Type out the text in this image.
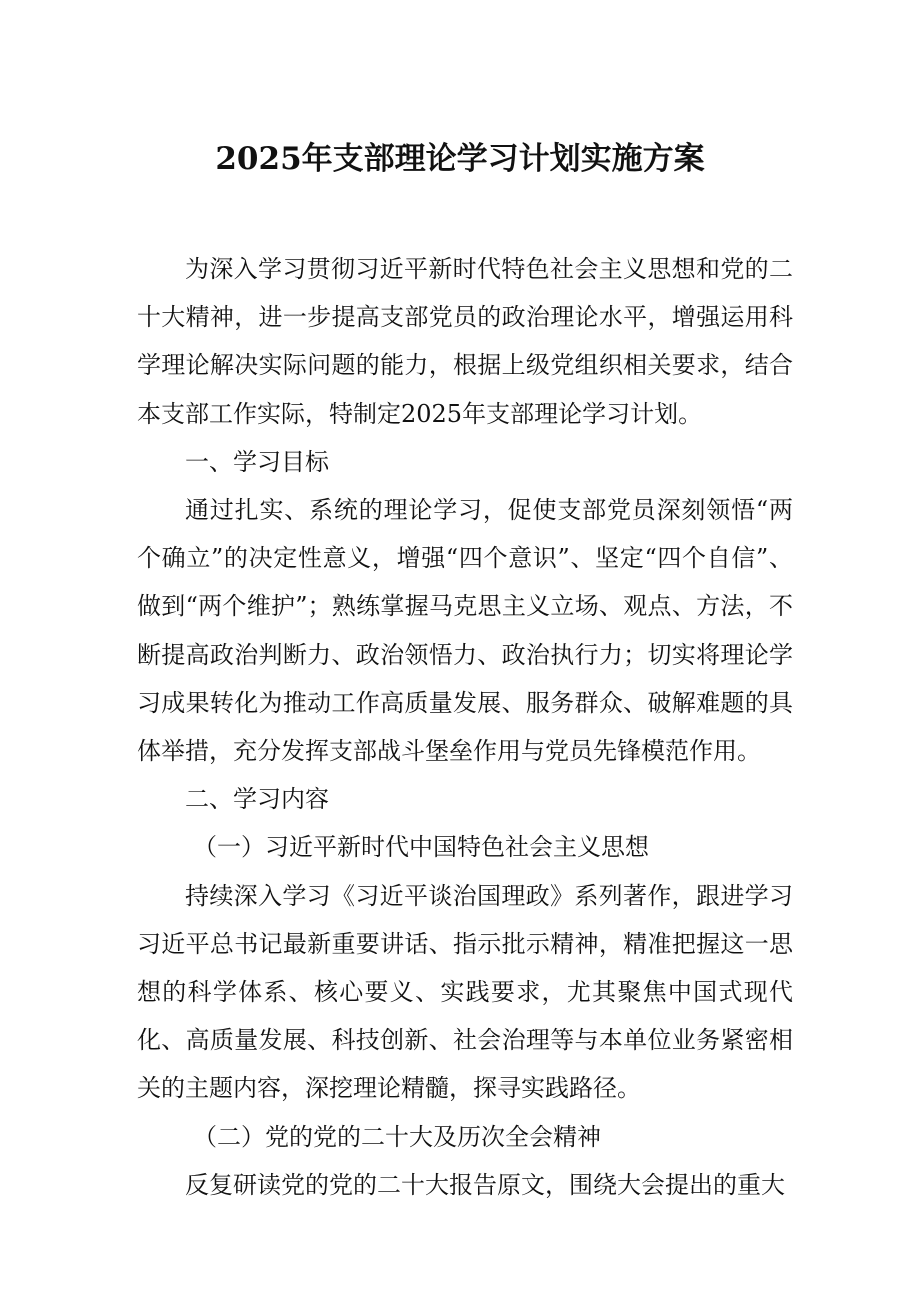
2025年支部理论学习计划实施方案

为深入学习贯彻习近平新时代特色社会主义思想和党的二十大精神，进一步提高支部党员的政治理论水平，增强运用科学理论解决实际问题的能力，根据上级党组织相关要求，结合本支部工作实际，特制定2025年支部理论学习计划。

一、学习目标

通过扎实、系统的理论学习，促使支部党员深刻领悟“两个确立”的决定性意义，增强“四个意识”、坚定“四个自信”、做到“两个维护”；熟练掌握马克思主义立场、观点、方法，不断提高政治判断力、政治领悟力、政治执行力；切实将理论学习成果转化为推动工作高质量发展、服务群众、破解难题的具体举措，充分发挥支部战斗堡垒作用与党员先锋模范作用。

二、学习内容

（一）习近平新时代中国特色社会主义思想

持续深入学习《习近平谈治国理政》系列著作，跟进学习习近平总书记最新重要讲话、指示批示精神，精准把握这一思想的科学体系、核心要义、实践要求，尤其聚焦中国式现代化、高质量发展、科技创新、社会治理等与本单位业务紧密相关的主题内容，深挖理论精髓，探寻实践路径。

（二）党的党的二十大及历次全会精神

反复研读党的党的二十大报告原文，围绕大会提出的重大
